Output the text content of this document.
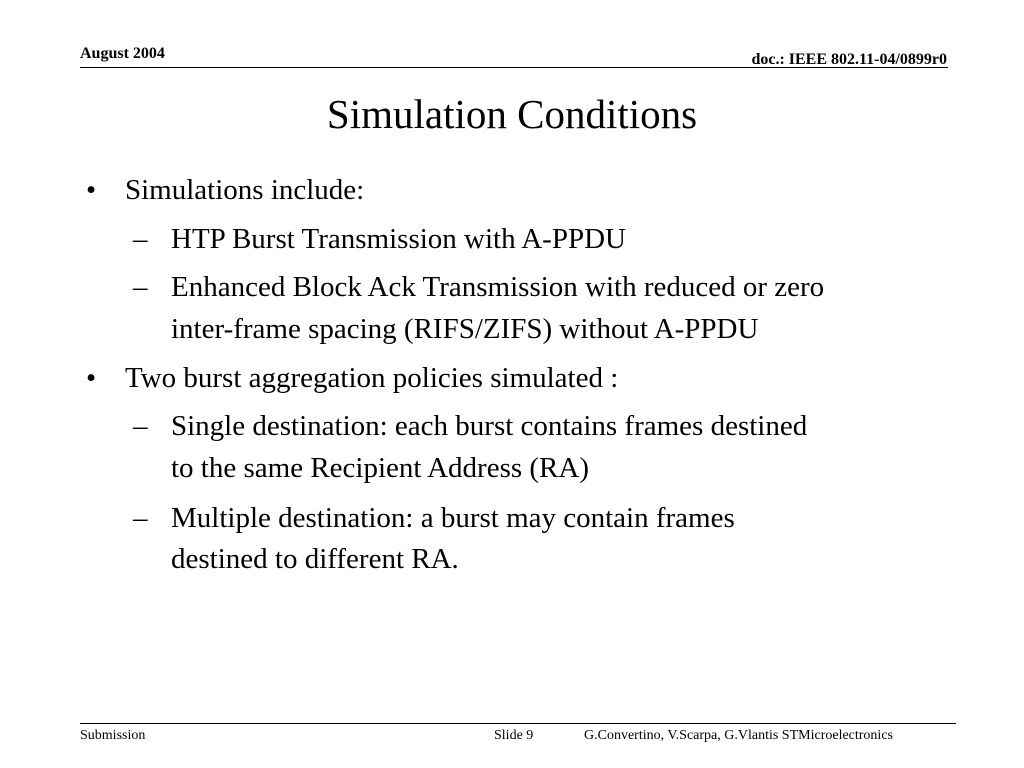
August 2004	doc.: IEEE 802.11-04/0899r0
Simulation Conditions
• Simulations include:
– HTP Burst Transmission with A-PPDU
– Enhanced Block Ack Transmission with reduced or zero
inter-frame spacing (RIFS/ZIFS) without A-PPDU
• Two burst aggregation policies simulated :
– Single destination: each burst contains frames destined
to the same Recipient Address (RA)
– Multiple destination: a burst may contain frames
destined to different RA.
Submission	Slide 9	G.Convertino, V.Scarpa, G.Vlantis STMicroelectronics
